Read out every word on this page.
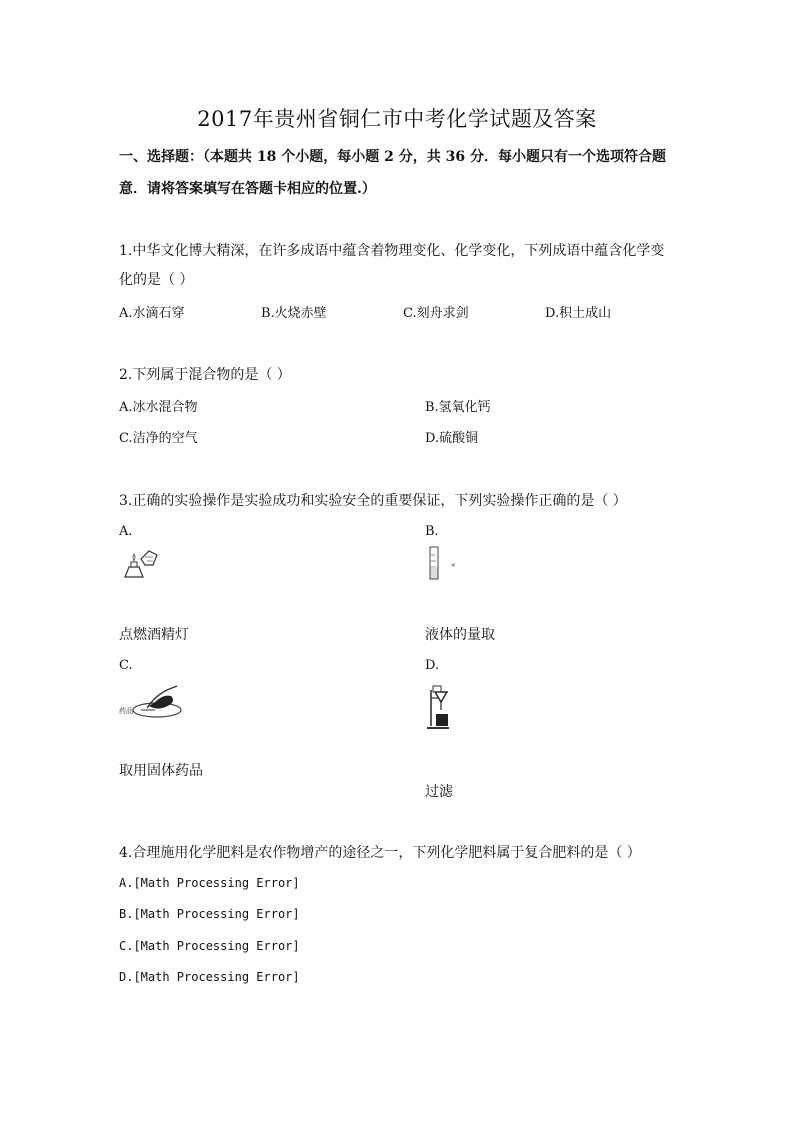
2017年贵州省铜仁市中考化学试题及答案
一、选择题：（本题共 18 个小题，每小题 2 分，共 36 分．每小题只有一个选项符合题
意．请将答案填写在答题卡相应的位置.）
1.中华文化博大精深，在许多成语中蕴含着物理变化、化学变化，下列成语中蕴含化学变
化的是（ ）
A.水滴石穿	B.火烧赤壁	C.刻舟求剑	D.积土成山
2.下列属于混合物的是（ ）
A.冰水混合物	B.氢氧化钙
C.洁净的空气	D.硫酸铜
3.正确的实验操作是实验成功和实验安全的重要保证，下列实验操作正确的是（ ）
A.	B.
点燃酒精灯	液体的量取
C.	D.
药品
取用固体药品
过滤
4.合理施用化学肥料是农作物增产的途径之一，下列化学肥料属于复合肥料的是（ ）
A.[Math Processing Error]
B.[Math Processing Error]
C.[Math Processing Error]
D.[Math Processing Error]
